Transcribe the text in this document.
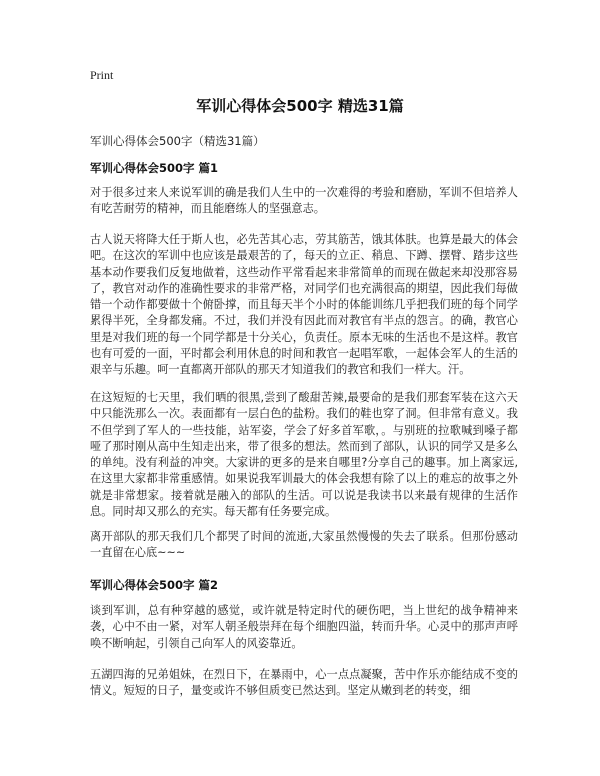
Print
军训心得体会500字 精选31篇
军训心得体会500字（精选31篇）
军训心得体会500字 篇1

对于很多过来人来说军训的确是我们人生中的一次难得的考验和磨励，军训不但培养人有吃苦耐劳的精神，而且能磨练人的坚强意志。

古人说天将降大任于斯人也，必先苦其心志，劳其筋苦，饿其体肤。也算是最大的体会吧。在这次的军训中也应该是最艰苦的了，每天的立正、稍息、下蹲、摆臂、踏步这些基本动作要我们反复地做着，这些动作平常看起来非常简单的而现在做起来却没那容易了，教官对动作的准确性要求的非常严格，对同学们也充满很高的期望，因此我们每做错一个动作都要做十个俯卧撑，而且每天半个小时的体能训练几乎把我们班的每个同学累得半死，全身都发痛。不过，我们并没有因此而对教官有半点的怨言。的确，教官心里是对我们班的每一个同学都是十分关心，负责任。原本无味的生活也不是这样。教官也有可爱的一面，平时都会利用休息的时间和教官一起唱军歌，一起体会军人的生活的艰辛与乐趣。呵一直都离开部队的那天才知道我们的教官和我们一样大。汗。

在这短短的七天里，我们晒的很黑,尝到了酸甜苦辣,最要命的是我们那套军装在这六天中只能洗那么一次。表面都有一层白色的盐粉。我们的鞋也穿了洞。但非常有意义。我不但学到了军人的一些技能，站军姿，学会了好多首军歌，。与别班的拉歌喊到嗓子都哑了那时刚从高中生知走出来，带了很多的想法。然而到了部队，认识的同学又是多么的单纯。没有利益的冲突。大家讲的更多的是来自哪里?分享自己的趣事。加上离家远,在这里大家都非常重感情。如果说我军训最大的体会我想有除了以上的难忘的故事之外就是非常想家。接着就是融入的部队的生活。可以说是我读书以来最有规律的生活作息。同时却又那么的充实。每天都有任务要完成。

离开部队的那天我们几个都哭了时间的流逝,大家虽然慢慢的失去了联系。但那份感动一直留在心底~~~

军训心得体会500字 篇2

谈到军训，总有种穿越的感觉，或许就是特定时代的硬伤吧，当上世纪的战争精神来袭，心中不由一紧，对军人朝圣般崇拜在每个细胞四溢，转而升华。心灵中的那声声呼唤不断响起，引领自己向军人的风姿靠近。

五湖四海的兄弟姐妹，在烈日下，在暴雨中，心一点点凝聚，苦中作乐亦能结成不变的情义。短短的日子，量变或许不够但质变已然达到。坚定从嫩到老的转变，细
